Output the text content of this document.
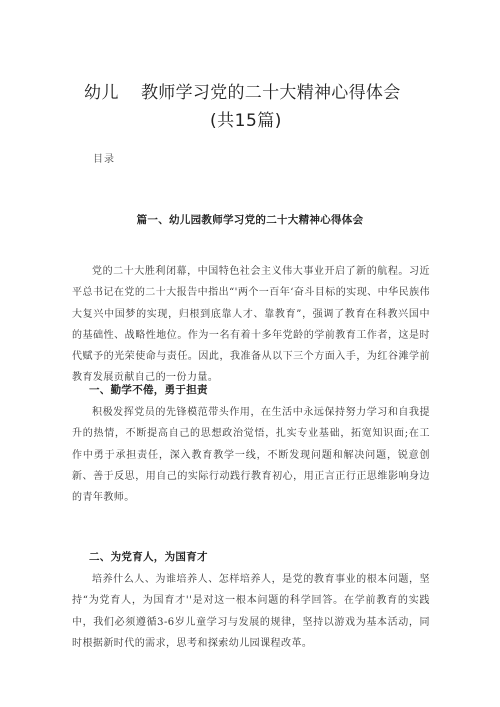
幼儿 教师学习党的二十大精神心得体会
(共15篇)
目录
篇一、幼儿园教师学习党的二十大精神心得体会
党的二十大胜利闭幕，中国特色社会主义伟大事业开启了新的航程。习近平总书记在党的二十大报告中指出“'两个一百年‘奋斗目标的实现、中华民族伟大复兴中国梦的实现，归根到底靠人才、靠教育”，强调了教育在科教兴国中的基础性、战略性地位。作为一名有着十多年党龄的学前教育工作者，这是时代赋予的光荣使命与责任。因此，我准备从以下三个方面入手，为红谷滩学前教育发展贡献自己的一份力量。
一、勤学不倦，勇于担责
积极发挥党员的先锋模范带头作用，在生活中永远保持努力学习和自我提升的热情，不断提高自己的思想政治觉悟，扎实专业基础，拓宽知识面;在工作中勇于承担责任，深入教育教学一线，不断发现问题和解决问题，锐意创新、善于反思，用自己的实际行动践行教育初心，用正言正行正思维影响身边的青年教师。
二、为党育人，为国育才
培养什么人、为谁培养人、怎样培养人，是党的教育事业的根本问题，坚持“为党育人，为国育才''是对这一根本问题的科学回答。在学前教育的实践中，我们必须遵循3-6岁儿童学习与发展的规律，坚持以游戏为基本活动，同时根据新时代的需求，思考和探索幼儿园课程改革。
